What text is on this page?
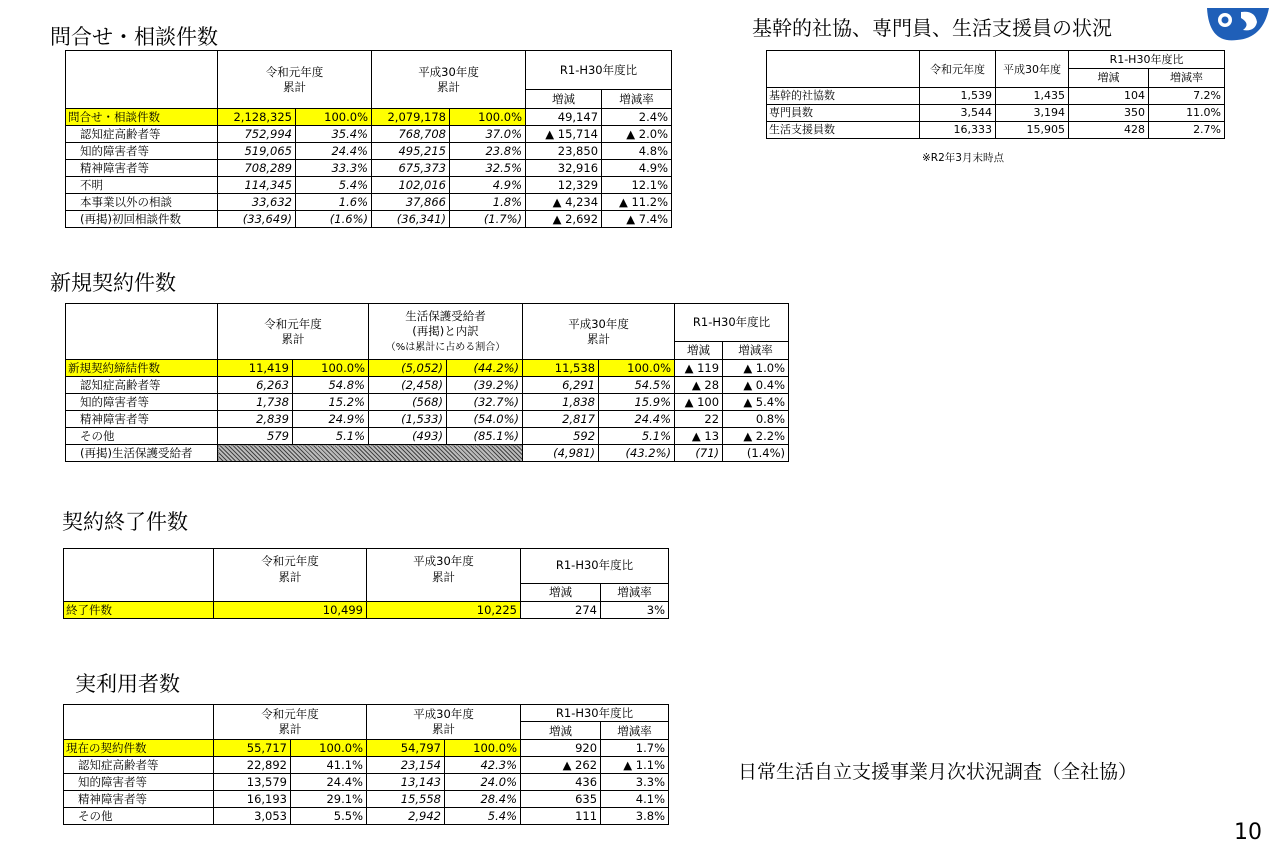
問合せ・相談件数
	令和元年度
累計		平成30年度
累計		R1-H30年度比	
					増減	増減率
問合せ・相談件数	2,128,325	100.0%	2,079,178	100.0%	49,147	2.4%
認知症高齢者等	752,994	35.4%	768,708	37.0%	▲ 15,714	▲ 2.0%
知的障害者等	519,065	24.4%	495,215	23.8%	23,850	4.8%
精神障害者等	708,289	33.3%	675,373	32.5%	32,916	4.9%
不明	114,345	5.4%	102,016	4.9%	12,329	12.1%
本事業以外の相談	33,632	1.6%	37,866	1.8%	▲ 4,234	▲ 11.2%
(再掲)初回相談件数	(33,649)	(1.6%)	(36,341)	(1.7%)	▲ 2,692	▲ 7.4%
新規契約件数
	令和元年度
累計		生活保護受給者
(再掲)と内訳
（%は累計に占める割合）		平成30年度
累計		R1-H30年度比	
							増減	増減率
新規契約締結件数	11,419	100.0%	(5,052)	(44.2%)	11,538	100.0%	▲ 119	▲ 1.0%
認知症高齢者等	6,263	54.8%	(2,458)	(39.2%)	6,291	54.5%	▲ 28	▲ 0.4%
知的障害者等	1,738	15.2%	(568)	(32.7%)	1,838	15.9%	▲ 100	▲ 5.4%
精神障害者等	2,839	24.9%	(1,533)	(54.0%)	2,817	24.4%	22	0.8%
その他	579	5.1%	(493)	(85.1%)	592	5.1%	▲ 13	▲ 2.2%
(再掲)生活保護受給者					(4,981)	(43.2%)	(71)	(1.4%)
契約終了件数
	令和元年度
累計	平成30年度
累計	R1-H30年度比	
			増減	増減率
終了件数	10,499	10,225	274	3%
実利用者数
	令和元年度
累計		平成30年度
累計		R1-H30年度比	
					増減	増減率
現在の契約件数	55,717	100.0%	54,797	100.0%	920	1.7%
認知症高齢者等	22,892	41.1%	23,154	42.3%	▲ 262	▲ 1.1%
知的障害者等	13,579	24.4%	13,143	24.0%	436	3.3%
精神障害者等	16,193	29.1%	15,558	28.4%	635	4.1%
その他	3,053	5.5%	2,942	5.4%	111	3.8%
基幹的社協、専門員、生活支援員の状況
	令和元年度	平成30年度	R1-H30年度比	
			増減	増減率
基幹的社協数	1,539	1,435	104	7.2%
専門員数	3,544	3,194	350	11.0%
生活支援員数	16,333	15,905	428	2.7%
※R2年3月末時点
日常生活自立支援事業月次状況調査（全社協）
10
